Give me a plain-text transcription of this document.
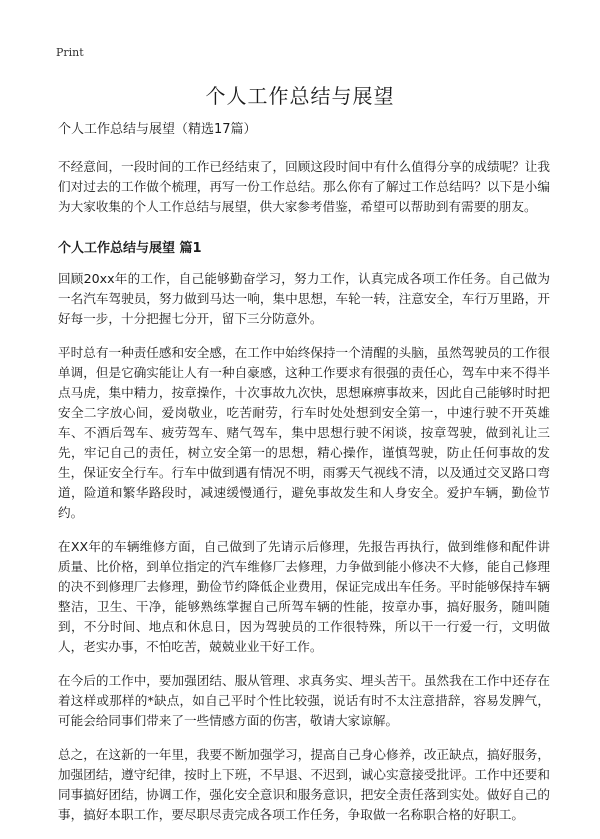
Print
个人工作总结与展望

个人工作总结与展望（精选17篇）

不经意间，一段时间的工作已经结束了，回顾这段时间中有什么值得分享的成绩呢？让我们对过去的工作做个梳理，再写一份工作总结。那么你有了解过工作总结吗？以下是小编为大家收集的个人工作总结与展望，供大家参考借鉴，希望可以帮助到有需要的朋友。

个人工作总结与展望 篇1

回顾20xx年的工作，自己能够勤奋学习，努力工作，认真完成各项工作任务。自己做为一名汽车驾驶员，努力做到马达一响，集中思想，车轮一转，注意安全，车行万里路，开好每一步，十分把握七分开，留下三分防意外。

平时总有一种责任感和安全感，在工作中始终保持一个清醒的头脑，虽然驾驶员的工作很单调，但是它确实能让人有一种自豪感，这种工作要求有很强的责任心，驾车中来不得半点马虎，集中精力，按章操作，十次事故九次快，思想麻痹事故来，因此自己能够时时把安全二字放心间，爱岗敬业，吃苦耐劳，行车时处处想到安全第一，中速行驶不开英雄车、不酒后驾车、疲劳驾车、赌气驾车，集中思想行驶不闲谈，按章驾驶，做到礼让三先，牢记自己的责任，树立安全第一的思想，精心操作，谨慎驾驶，防止任何事故的发生，保证安全行车。行车中做到遇有情况不明，雨雾天气视线不清，以及通过交叉路口弯道，险道和繁华路段时，减速缓慢通行，避免事故发生和人身安全。爱护车辆，勤俭节约。

在XX年的车辆维修方面，自己做到了先请示后修理，先报告再执行，做到维修和配件讲质量、比价格，到单位指定的汽车维修厂去修理，力争做到能小修决不大修，能自己修理的决不到修理厂去修理，勤俭节约降低企业费用，保证完成出车任务。平时能够保持车辆整洁，卫生、干净，能够熟练掌握自己所驾车辆的性能，按章办事，搞好服务，随叫随到，不分时间、地点和休息日，因为驾驶员的工作很特殊，所以干一行爱一行，文明做人，老实办事，不怕吃苦，兢兢业业干好工作。

在今后的工作中，要加强团结、服从管理、求真务实、埋头苦干。虽然我在工作中还存在着这样或那样的*缺点，如自己平时个性比较强，说话有时不太注意措辞，容易发脾气，可能会给同事们带来了一些情感方面的伤害，敬请大家谅解。

总之，在这新的一年里，我要不断加强学习，提高自己身心修养，改正缺点，搞好服务，加强团结，遵守纪律，按时上下班，不早退、不迟到，诚心实意接受批评。工作中还要和同事搞好团结，协调工作，强化安全意识和服务意识，把安全责任落到实处。做好自己的事，搞好本职工作，要尽职尽责完成各项工作任务，争取做一名称职合格的好职工。
